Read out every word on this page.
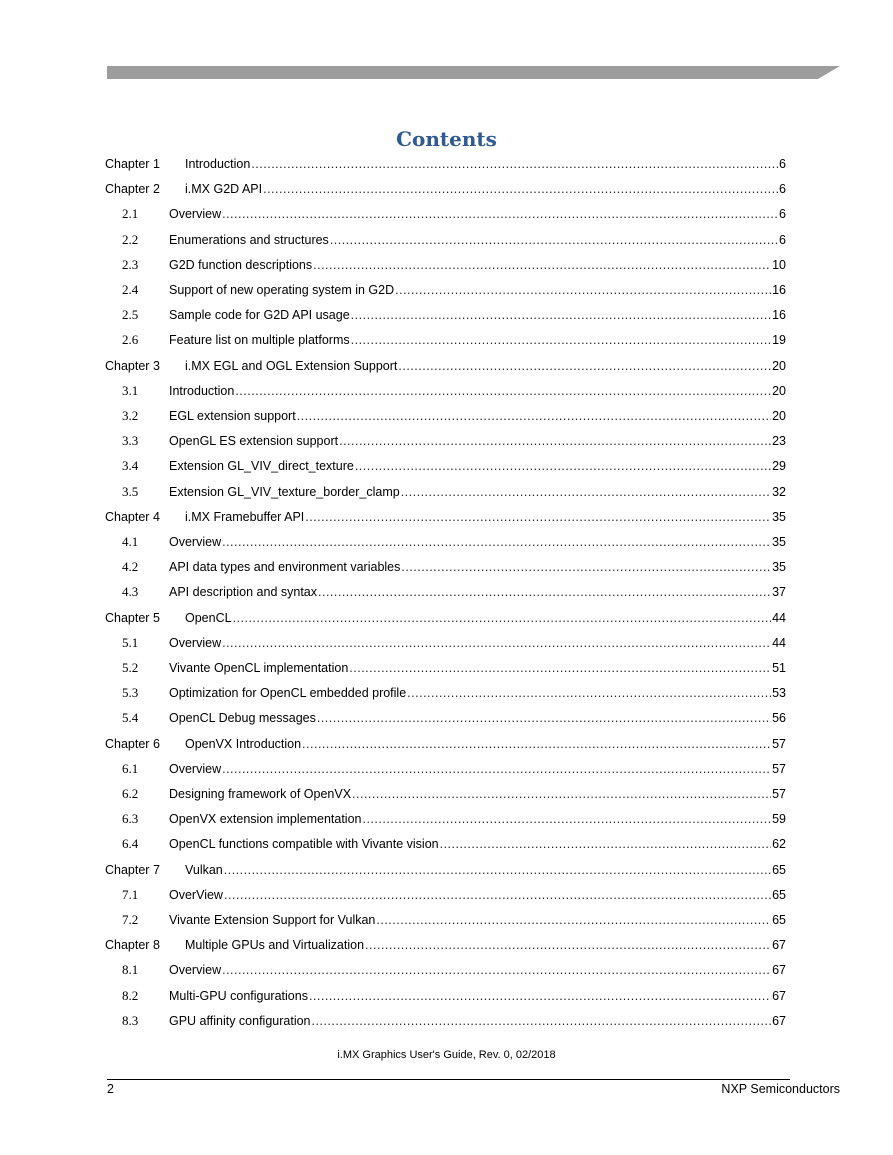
Contents
Chapter 1 Introduction .....	6
Chapter 2 i.MX G2D API .....	6
2.1 Overview .....	6
2.2 Enumerations and structures .....	6
2.3 G2D function descriptions .....	10
2.4 Support of new operating system in G2D .....	16
2.5 Sample code for G2D API usage .....	16
2.6 Feature list on multiple platforms .....	19
Chapter 3 i.MX EGL and OGL Extension Support .....	20
3.1 Introduction .....	20
3.2 EGL extension support .....	20
3.3 OpenGL ES extension support .....	23
3.4 Extension GL_VIV_direct_texture .....	29
3.5 Extension GL_VIV_texture_border_clamp .....	32
Chapter 4 i.MX Framebuffer API .....	35
4.1 Overview .....	35
4.2 API data types and environment variables .....	35
4.3 API description and syntax .....	37
Chapter 5 OpenCL .....	44
5.1 Overview .....	44
5.2 Vivante OpenCL implementation .....	51
5.3 Optimization for OpenCL embedded profile .....	53
5.4 OpenCL Debug messages .....	56
Chapter 6 OpenVX Introduction .....	57
6.1 Overview .....	57
6.2 Designing framework of OpenVX .....	57
6.3 OpenVX extension implementation .....	59
6.4 OpenCL functions compatible with Vivante vision .....	62
Chapter 7 Vulkan .....	65
7.1 OverView .....	65
7.2 Vivante Extension Support for Vulkan .....	65
Chapter 8 Multiple GPUs and Virtualization .....	67
8.1 Overview .....	67
8.2 Multi-GPU configurations .....	67
8.3 GPU affinity configuration .....	67
i.MX Graphics User's Guide, Rev. 0, 02/2018
2	NXP Semiconductors
